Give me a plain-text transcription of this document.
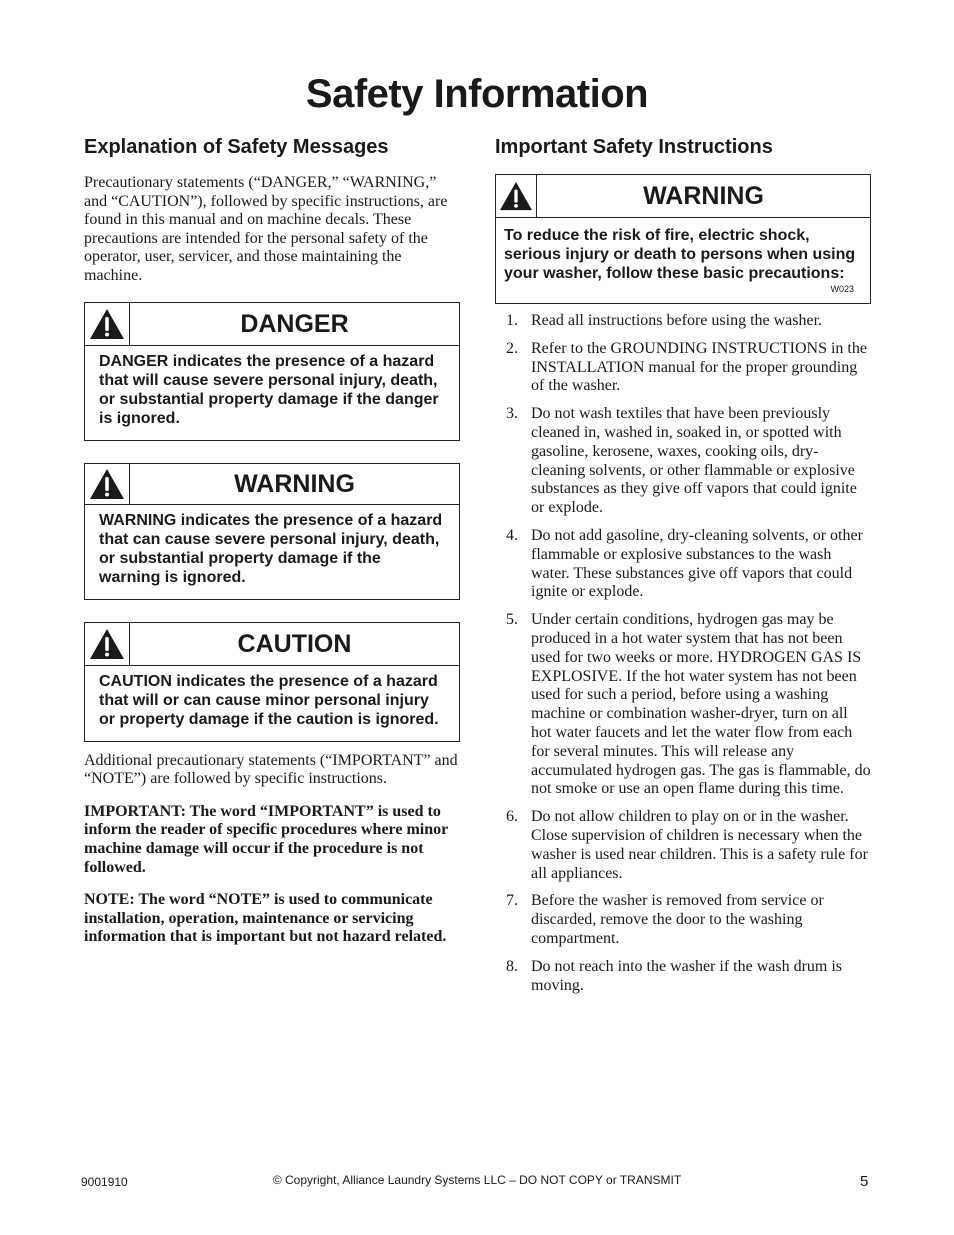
Safety Information
Explanation of Safety Messages

Precautionary statements (“DANGER,” “WARNING,” and “CAUTION”), followed by specific instructions, are found in this manual and on machine decals. These precautions are intended for the personal safety of the operator, user, servicer, and those maintaining the machine.

DANGER
DANGER indicates the presence of a hazard that will cause severe personal injury, death, or substantial property damage if the danger is ignored.
WARNING
WARNING indicates the presence of a hazard that can cause severe personal injury, death, or substantial property damage if the warning is ignored.
CAUTION
CAUTION indicates the presence of a hazard that will or can cause minor personal injury or property damage if the caution is ignored.

Additional precautionary statements (“IMPORTANT” and “NOTE”) are followed by specific instructions.

IMPORTANT: The word “IMPORTANT” is used to inform the reader of specific procedures where minor machine damage will occur if the procedure is not followed.

NOTE: The word “NOTE” is used to communicate installation, operation, maintenance or servicing information that is important but not hazard related.

Important Safety Instructions
WARNING
To reduce the risk of fire, electric shock, serious injury or death to persons when using your washer, follow these basic precautions:
W023
1. Read all instructions before using the washer.
2. Refer to the GROUNDING INSTRUCTIONS in the INSTALLATION manual for the proper grounding of the washer.
3. Do not wash textiles that have been previously cleaned in, washed in, soaked in, or spotted with gasoline, kerosene, waxes, cooking oils, dry-cleaning solvents, or other flammable or explosive substances as they give off vapors that could ignite or explode.
4. Do not add gasoline, dry-cleaning solvents, or other flammable or explosive substances to the wash water. These substances give off vapors that could ignite or explode.
5. Under certain conditions, hydrogen gas may be produced in a hot water system that has not been used for two weeks or more. HYDROGEN GAS IS EXPLOSIVE. If the hot water system has not been used for such a period, before using a washing machine or combination washer-dryer, turn on all hot water faucets and let the water flow from each for several minutes. This will release any accumulated hydrogen gas. The gas is flammable, do not smoke or use an open flame during this time.
6. Do not allow children to play on or in the washer. Close supervision of children is necessary when the washer is used near children. This is a safety rule for all appliances.
7. Before the washer is removed from service or discarded, remove the door to the washing compartment.
8. Do not reach into the washer if the wash drum is moving.
9001910	© Copyright, Alliance Laundry Systems LLC – DO NOT COPY or TRANSMIT	5
